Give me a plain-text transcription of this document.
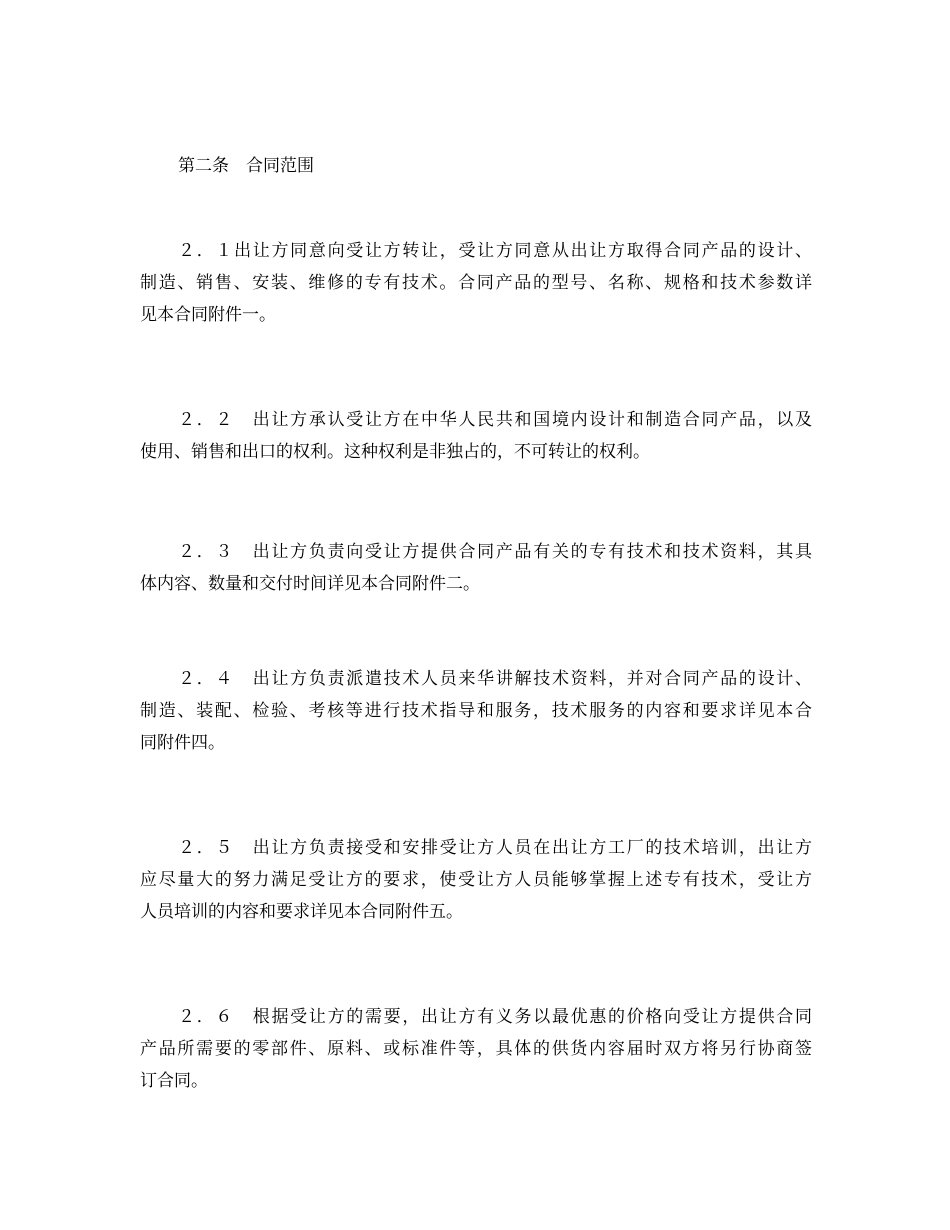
第二条　合同范围
２．１出让方同意向受让方转让，受让方同意从出让方取得合同产品的设计、
制造、销售、安装、维修的专有技术。合同产品的型号、名称、规格和技术参数详
见本合同附件一。
２．２　出让方承认受让方在中华人民共和国境内设计和制造合同产品，以及
使用、销售和出口的权利。这种权利是非独占的，不可转让的权利。
２．３　出让方负责向受让方提供合同产品有关的专有技术和技术资料，其具
体内容、数量和交付时间详见本合同附件二。
２．４　出让方负责派遣技术人员来华讲解技术资料，并对合同产品的设计、
制造、装配、检验、考核等进行技术指导和服务，技术服务的内容和要求详见本合
同附件四。
２．５　出让方负责接受和安排受让方人员在出让方工厂的技术培训，出让方
应尽量大的努力满足受让方的要求，使受让方人员能够掌握上述专有技术，受让方
人员培训的内容和要求详见本合同附件五。
２．６　根据受让方的需要，出让方有义务以最优惠的价格向受让方提供合同
产品所需要的零部件、原料、或标准件等，具体的供货内容届时双方将另行协商签
订合同。
